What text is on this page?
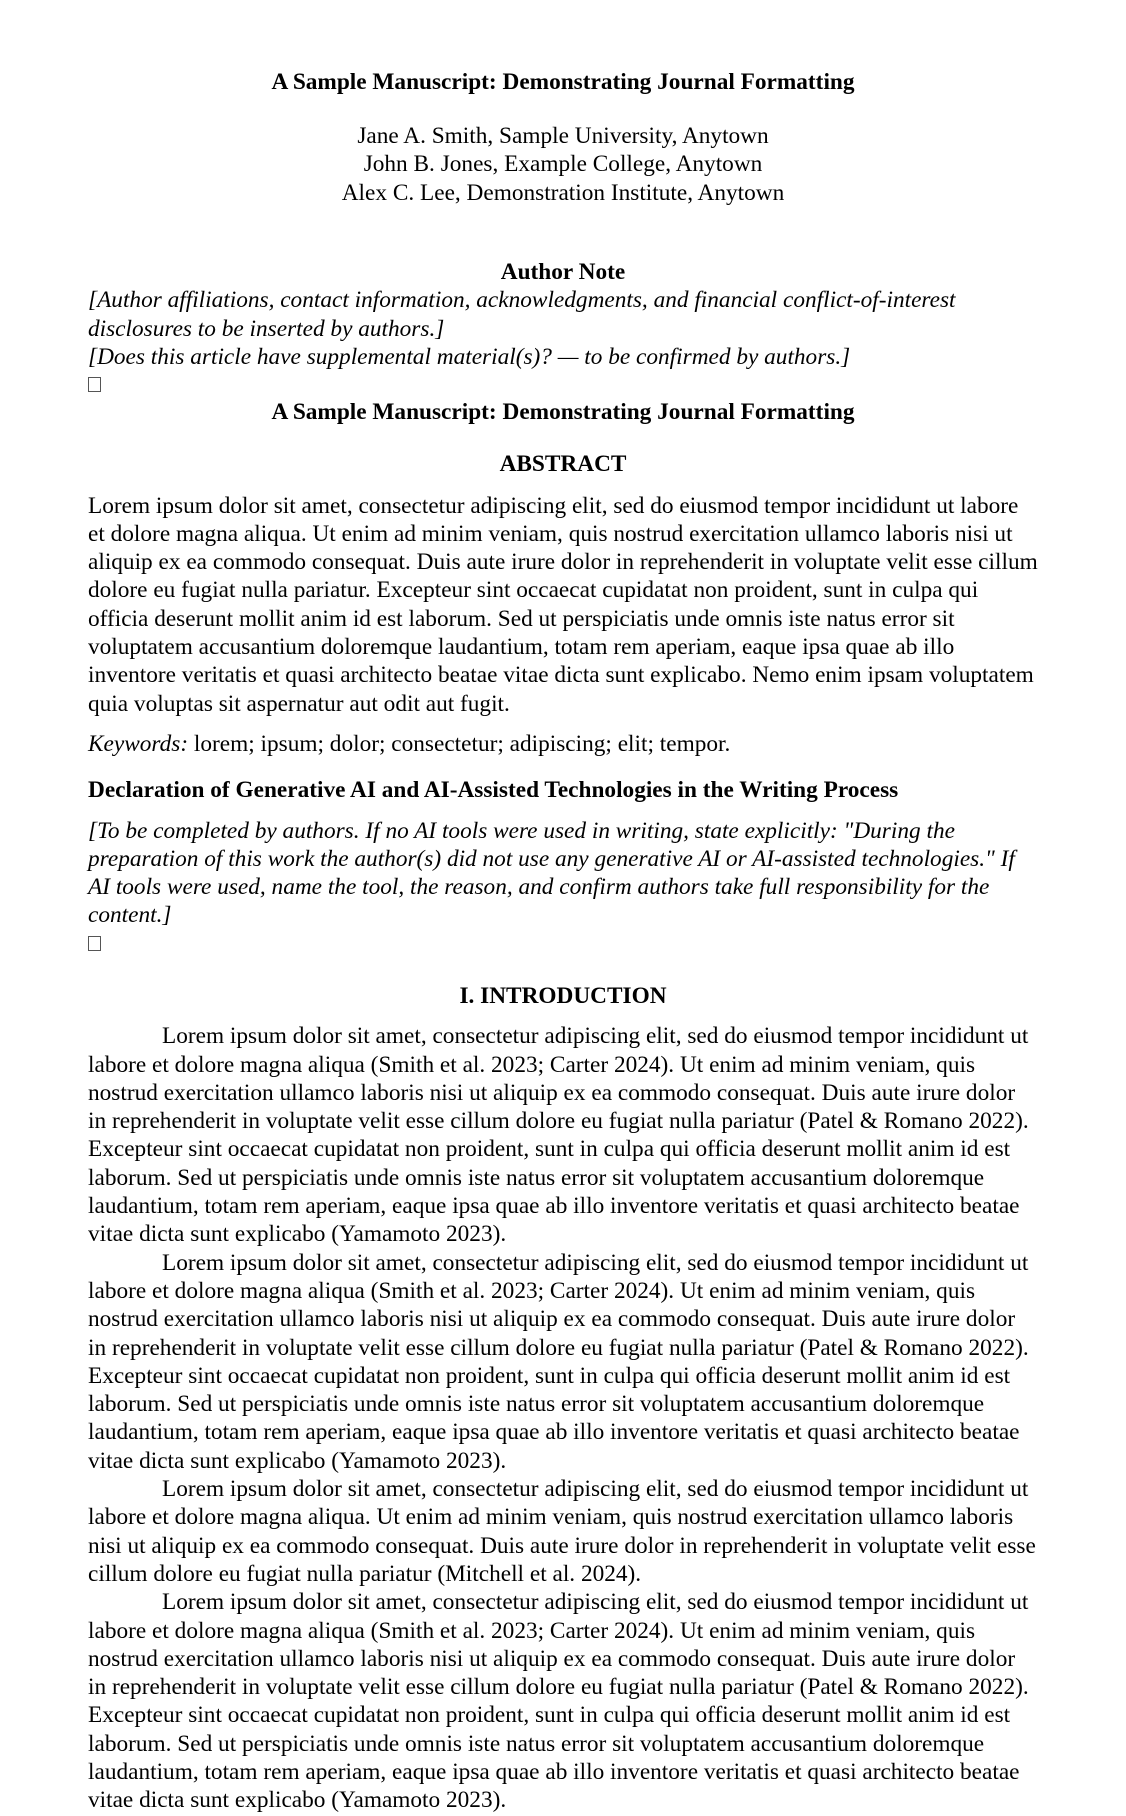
A Sample Manuscript: Demonstrating Journal Formatting
Jane A. Smith, Sample University, Anytown
John B. Jones, Example College, Anytown
Alex C. Lee, Demonstration Institute, Anytown
Author Note
[Author affiliations, contact information, acknowledgments, and financial conflict-of-interest disclosures to be inserted by authors.]
[Does this article have supplemental material(s)? — to be confirmed by authors.]
A Sample Manuscript: Demonstrating Journal Formatting
ABSTRACT
Lorem ipsum dolor sit amet, consectetur adipiscing elit, sed do eiusmod tempor incididunt ut labore et dolore magna aliqua. Ut enim ad minim veniam, quis nostrud exercitation ullamco laboris nisi ut aliquip ex ea commodo consequat. Duis aute irure dolor in reprehenderit in voluptate velit esse cillum dolore eu fugiat nulla pariatur. Excepteur sint occaecat cupidatat non proident, sunt in culpa qui officia deserunt mollit anim id est laborum. Sed ut perspiciatis unde omnis iste natus error sit voluptatem accusantium doloremque laudantium, totam rem aperiam, eaque ipsa quae ab illo inventore veritatis et quasi architecto beatae vitae dicta sunt explicabo. Nemo enim ipsam voluptatem quia voluptas sit aspernatur aut odit aut fugit.
Keywords: lorem; ipsum; dolor; consectetur; adipiscing; elit; tempor.
Declaration of Generative AI and AI-Assisted Technologies in the Writing Process
[To be completed by authors. If no AI tools were used in writing, state explicitly: "During the preparation of this work the author(s) did not use any generative AI or AI-assisted technologies." If AI tools were used, name the tool, the reason, and confirm authors take full responsibility for the content.]
I. INTRODUCTION

Lorem ipsum dolor sit amet, consectetur adipiscing elit, sed do eiusmod tempor incididunt ut labore et dolore magna aliqua (Smith et al. 2023; Carter 2024). Ut enim ad minim veniam, quis nostrud exercitation ullamco laboris nisi ut aliquip ex ea commodo consequat. Duis aute irure dolor in reprehenderit in voluptate velit esse cillum dolore eu fugiat nulla pariatur (Patel & Romano 2022). Excepteur sint occaecat cupidatat non proident, sunt in culpa qui officia deserunt mollit anim id est laborum. Sed ut perspiciatis unde omnis iste natus error sit voluptatem accusantium doloremque laudantium, totam rem aperiam, eaque ipsa quae ab illo inventore veritatis et quasi architecto beatae vitae dicta sunt explicabo (Yamamoto 2023).

Lorem ipsum dolor sit amet, consectetur adipiscing elit, sed do eiusmod tempor incididunt ut labore et dolore magna aliqua (Smith et al. 2023; Carter 2024). Ut enim ad minim veniam, quis nostrud exercitation ullamco laboris nisi ut aliquip ex ea commodo consequat. Duis aute irure dolor in reprehenderit in voluptate velit esse cillum dolore eu fugiat nulla pariatur (Patel & Romano 2022). Excepteur sint occaecat cupidatat non proident, sunt in culpa qui officia deserunt mollit anim id est laborum. Sed ut perspiciatis unde omnis iste natus error sit voluptatem accusantium doloremque laudantium, totam rem aperiam, eaque ipsa quae ab illo inventore veritatis et quasi architecto beatae vitae dicta sunt explicabo (Yamamoto 2023).

Lorem ipsum dolor sit amet, consectetur adipiscing elit, sed do eiusmod tempor incididunt ut labore et dolore magna aliqua. Ut enim ad minim veniam, quis nostrud exercitation ullamco laboris nisi ut aliquip ex ea commodo consequat. Duis aute irure dolor in reprehenderit in voluptate velit esse cillum dolore eu fugiat nulla pariatur (Mitchell et al. 2024).

Lorem ipsum dolor sit amet, consectetur adipiscing elit, sed do eiusmod tempor incididunt ut labore et dolore magna aliqua (Smith et al. 2023; Carter 2024). Ut enim ad minim veniam, quis nostrud exercitation ullamco laboris nisi ut aliquip ex ea commodo consequat. Duis aute irure dolor in reprehenderit in voluptate velit esse cillum dolore eu fugiat nulla pariatur (Patel & Romano 2022). Excepteur sint occaecat cupidatat non proident, sunt in culpa qui officia deserunt mollit anim id est laborum. Sed ut perspiciatis unde omnis iste natus error sit voluptatem accusantium doloremque laudantium, totam rem aperiam, eaque ipsa quae ab illo inventore veritatis et quasi architecto beatae vitae dicta sunt explicabo (Yamamoto 2023).
